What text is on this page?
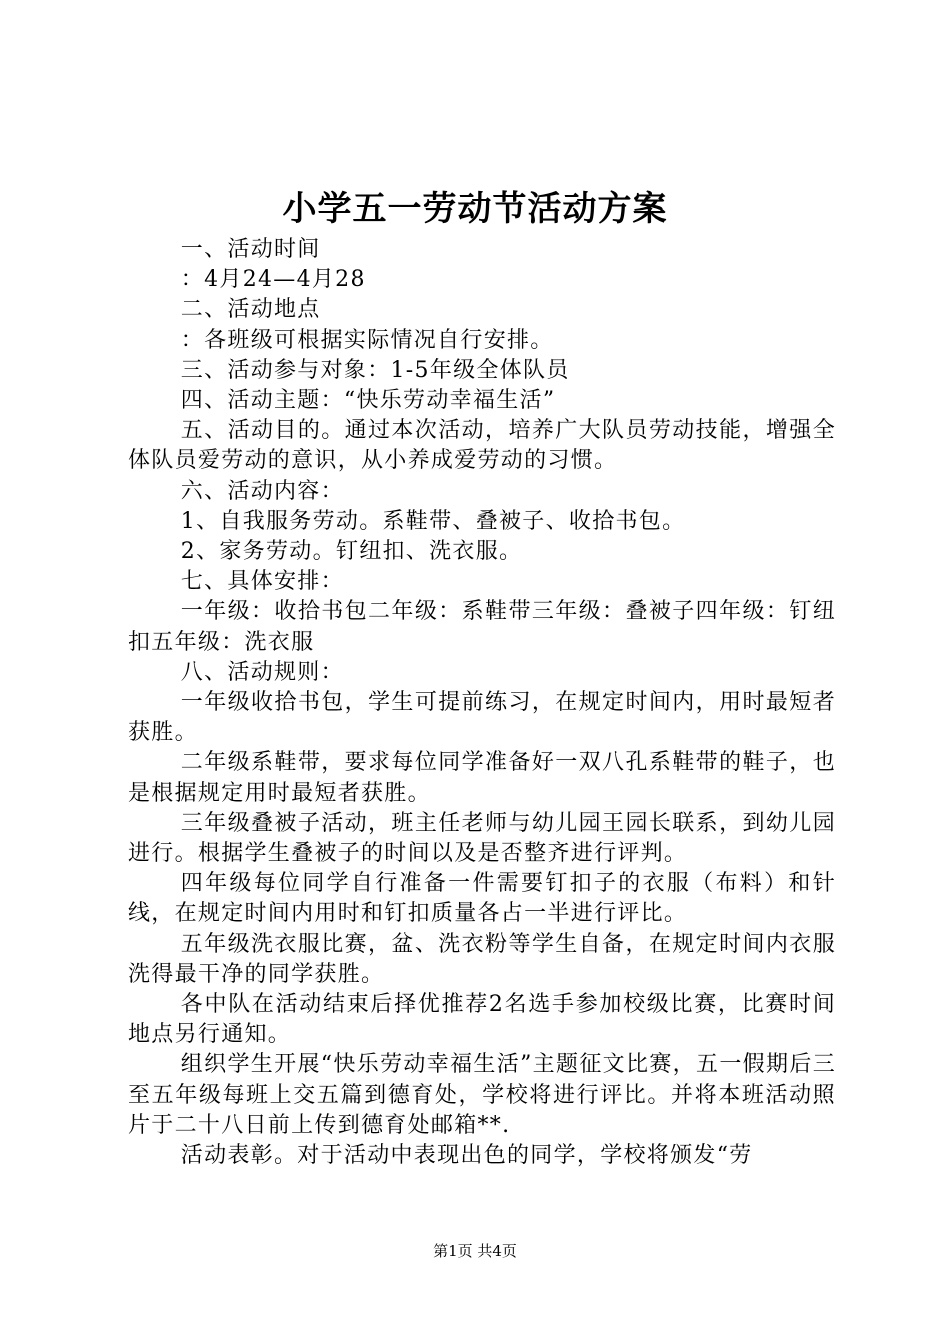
小学五一劳动节活动方案

一、活动时间

：4月24—4月28

二、活动地点

：各班级可根据实际情况自行安排。

三、活动参与对象：1-5年级全体队员

四、活动主题：“快乐劳动幸福生活”

五、活动目的。通过本次活动，培养广大队员劳动技能，增强全体队员爱劳动的意识，从小养成爱劳动的习惯。

六、活动内容：

1、自我服务劳动。系鞋带、叠被子、收拾书包。

2、家务劳动。钉纽扣、洗衣服。

七、具体安排：

一年级：收拾书包二年级：系鞋带三年级：叠被子四年级：钉纽扣五年级：洗衣服

八、活动规则：

一年级收拾书包，学生可提前练习，在规定时间内，用时最短者获胜。

二年级系鞋带，要求每位同学准备好一双八孔系鞋带的鞋子，也是根据规定用时最短者获胜。

三年级叠被子活动，班主任老师与幼儿园王园长联系，到幼儿园进行。根据学生叠被子的时间以及是否整齐进行评判。

四年级每位同学自行准备一件需要钉扣子的衣服（布料）和针线，在规定时间内用时和钉扣质量各占一半进行评比。

五年级洗衣服比赛，盆、洗衣粉等学生自备，在规定时间内衣服洗得最干净的同学获胜。

各中队在活动结束后择优推荐2名选手参加校级比赛，比赛时间地点另行通知。

组织学生开展“快乐劳动幸福生活”主题征文比赛，五一假期后三至五年级每班上交五篇到德育处，学校将进行评比。并将本班活动照片于二十八日前上传到德育处邮箱**.

活动表彰。对于活动中表现出色的同学，学校将颁发“劳

第1页 共4页
